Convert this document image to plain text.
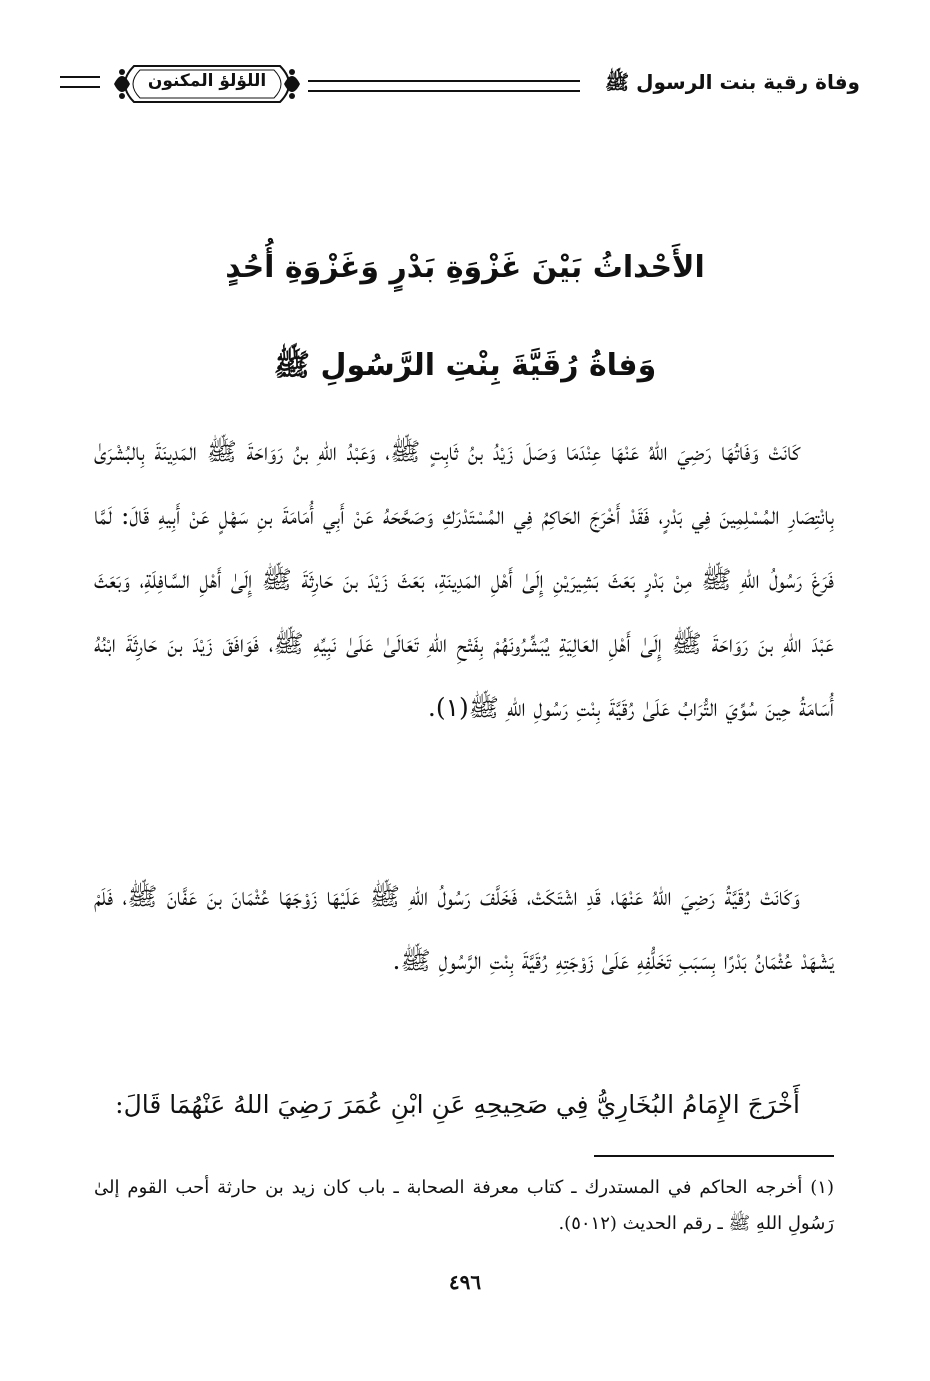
وفاة رقية بنت الرسول ﷺ
اللؤلؤ المكنون
الأَحْداثُ بَيْنَ غَزْوَةِ بَدْرٍ وَغَزْوَةِ أُحُدٍ
وَفاةُ رُقَيَّةَ بِنْتِ الرَّسُولِ ﷺ
كَانَتْ وَفَاتُهَا رَضِيَ اللهُ عَنْهَا عِنْدَمَا وَصَلَ زَيْدُ بنُ ثَابِتٍ ﷺ، وَعَبْدُ اللهِ بنُ رَوَاحَةَ ﷺ المَدِينَةَ بِالبُشْرَىٰ بِانْتِصَارِ المُسْلِمِينَ فِي بَدْرٍ، فَقَدْ أَخْرَجَ الحَاكِمُ فِي المُسْتَدْرَكِ وَصَحَّحَهُ عَنْ أَبِي أُمَامَةَ بنِ سَهْلٍ عَنْ أَبِيهِ قَالَ: لَمَّا فَرَغَ رَسُولُ اللهِ ﷺ مِنْ بَدْرٍ بَعَثَ بَشِيرَيْنِ إِلَىٰ أَهْلِ المَدِينَةِ، بَعَثَ زَيْدَ بنَ حَارِثَةَ ﷺ إِلَىٰ أَهْلِ السَّافِلَةِ، وَبَعَثَ عَبْدَ اللهِ بنَ رَوَاحَةَ ﷺ إِلَىٰ أَهْلِ العَالِيَةِ يُبَشِّرُونَهُمْ بِفَتْحِ اللهِ تَعَالَىٰ عَلَىٰ نَبِيِّهِ ﷺ، فَوَافَقَ زَيْدَ بنَ حَارِثَةَ ابْنُهُ أُسَامَةُ حِينَ سُوِّيَ التُّرَابُ عَلَىٰ رُقَيَّةَ بِنْتِ رَسُولِ اللهِ ﷺ(١).
وَكَانَتْ رُقَيَّةُ رَضِيَ اللهُ عَنْهَا، قَدِ اشْتَكَتْ، فَخَلَّفَ رَسُولُ اللهِ ﷺ عَلَيْهَا زَوْجَهَا عُثْمَانَ بنَ عَفَّانَ ﷺ، فَلَمْ يَشْهَدْ عُثْمَانُ بَدْرًا بِسَبَبِ تَخَلُّفِهِ عَلَىٰ زَوْجَتِهِ رُقَيَّةَ بِنْتِ الرَّسُولِ ﷺ.
أَخْرَجَ الإِمَامُ البُخَارِيُّ فِي صَحِيحِهِ عَنِ ابْنِ عُمَرَ رَضِيَ اللهُ عَنْهُمَا قَالَ:
(١) أخرجه الحاكم في المستدرك ـ كتاب معرفة الصحابة ـ باب كان زيد بن حارثة أحب القوم إلىٰ رَسُولِ اللهِ ﷺ ـ رقم الحديث (٥٠١٢).
٤٩٦
